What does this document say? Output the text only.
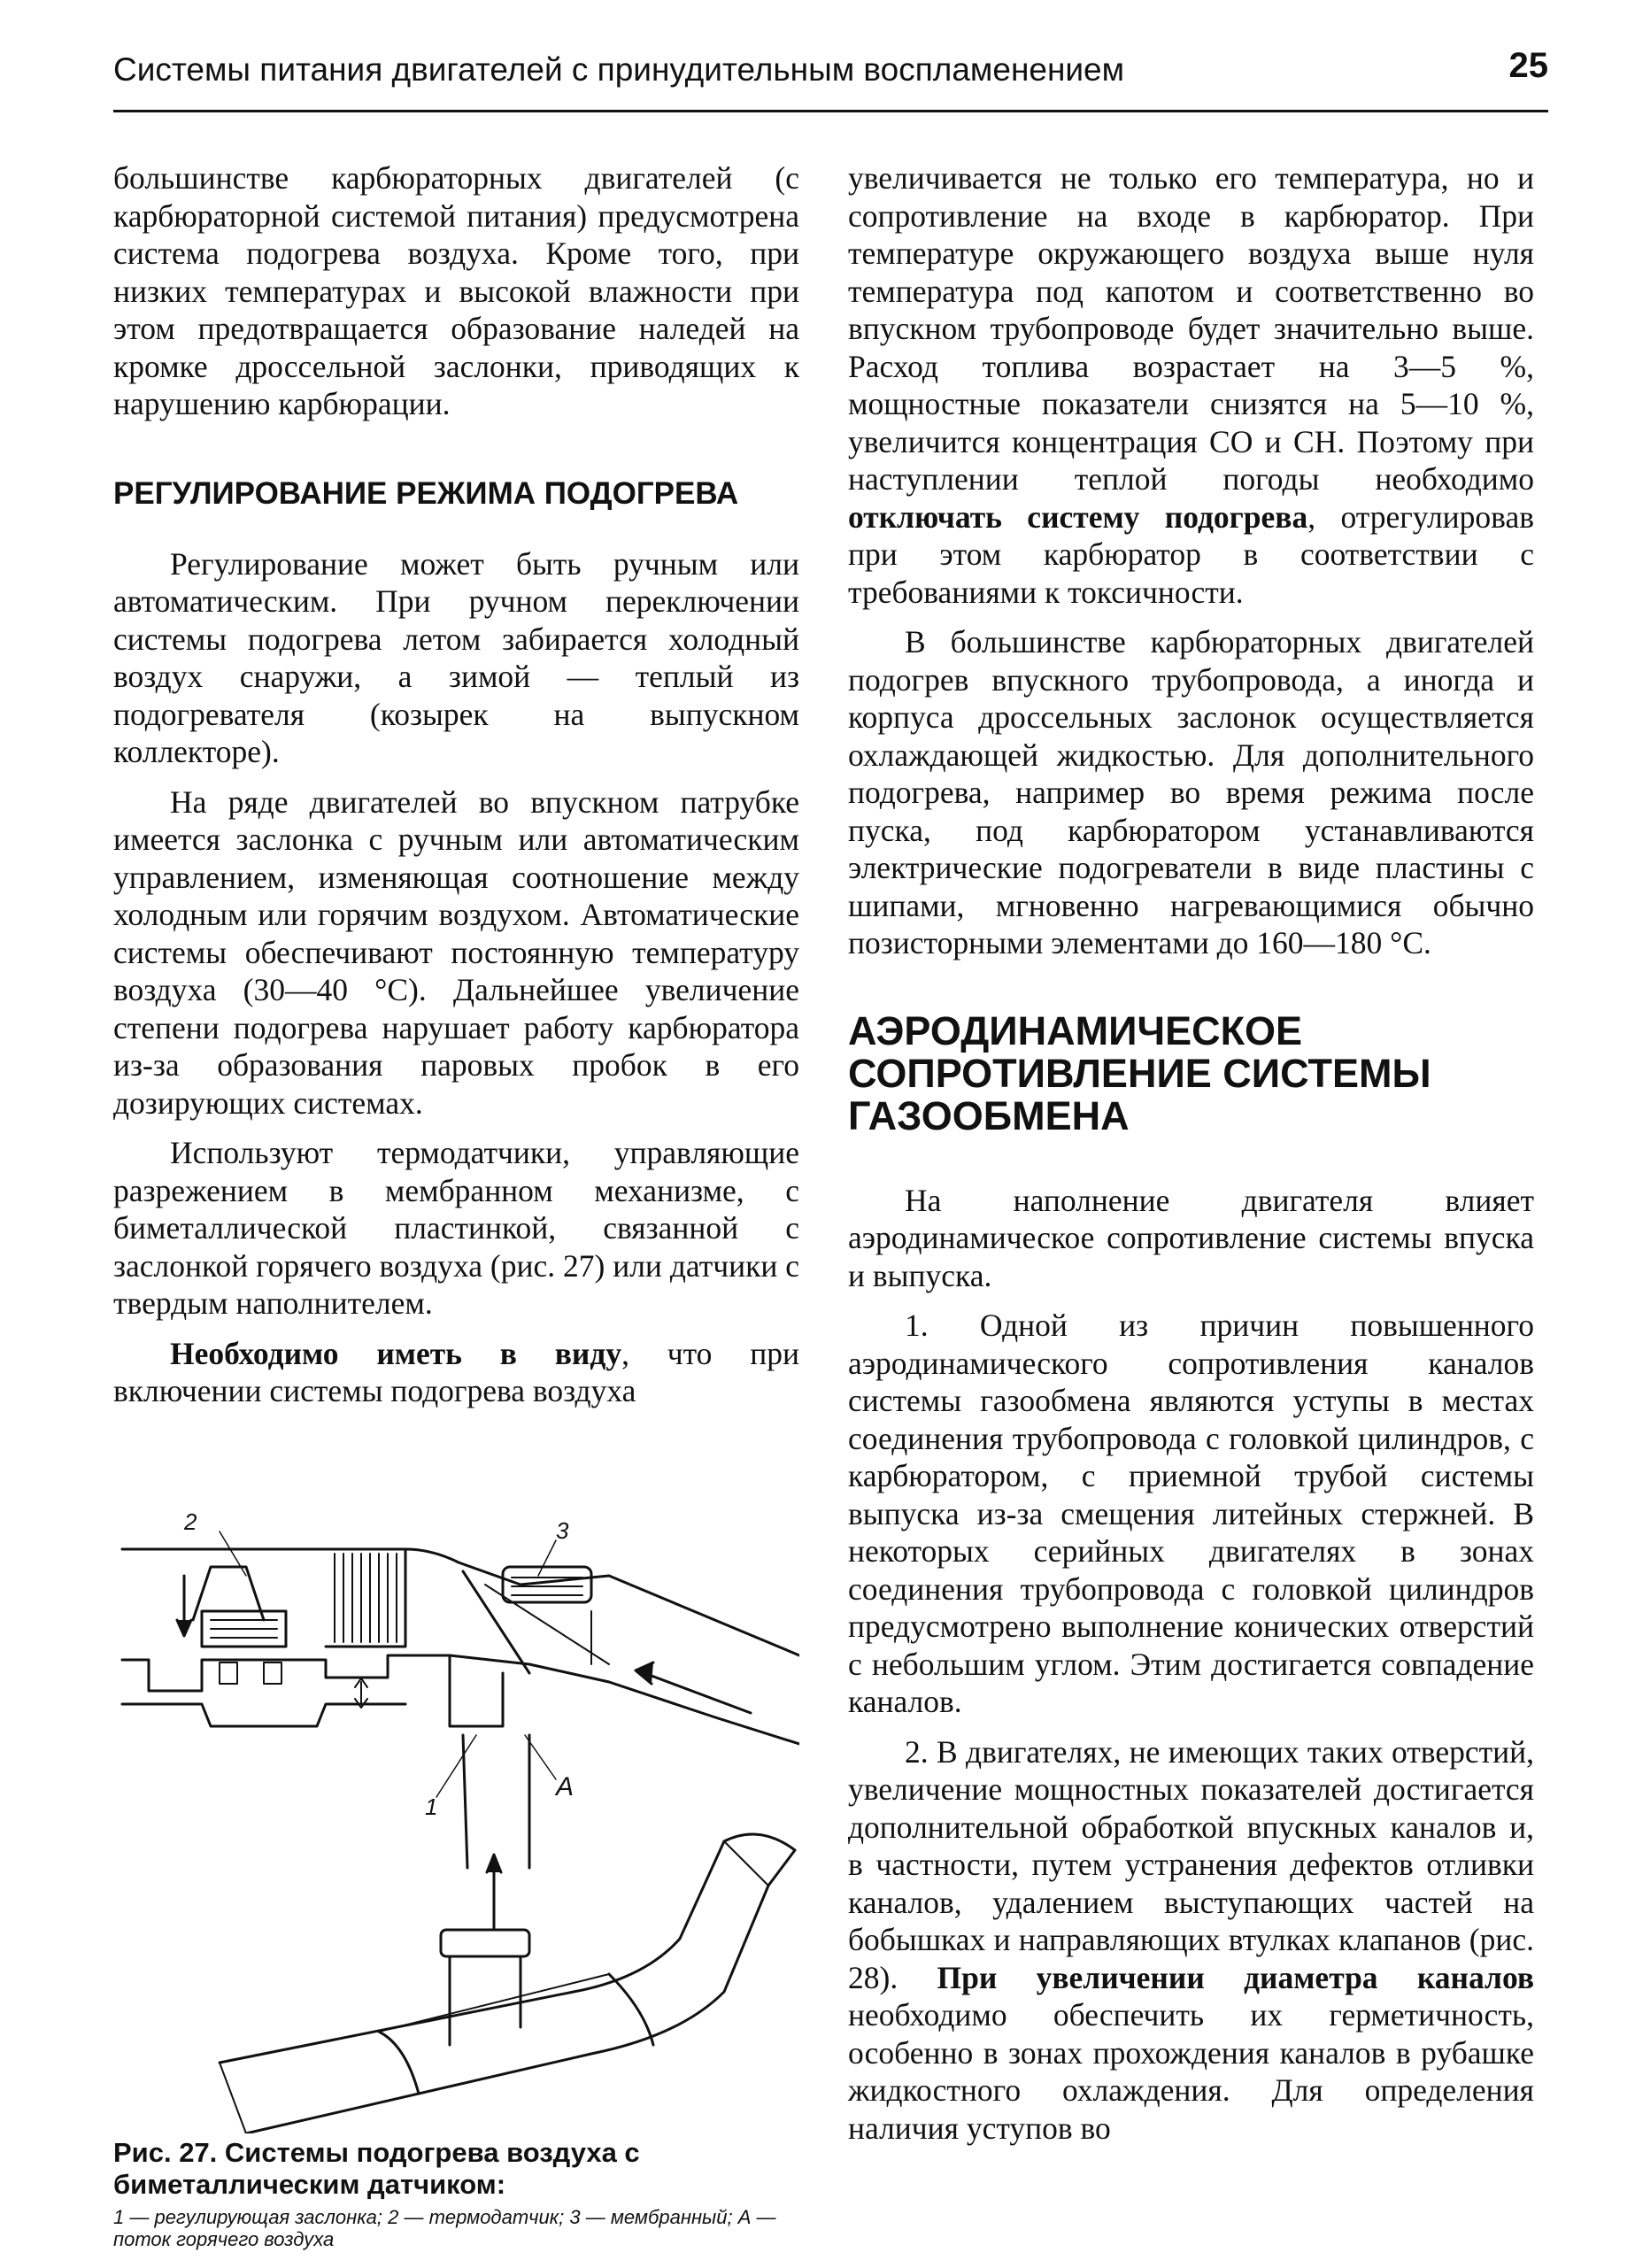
Системы питания двигателей с принудительным воспламенением	25

большинстве карбюраторных двигателей (с карбюраторной системой питания) предусмотрена система подогрева воздуха. Кроме того, при низких температурах и высокой влажности при этом предотвращается образование наледей на кромке дроссельной заслонки, приводящих к нарушению карбюрации.

РЕГУЛИРОВАНИЕ РЕЖИМА ПОДОГРЕВА

Регулирование может быть ручным или автоматическим. При ручном переключении системы подогрева летом забирается холодный воздух снаружи, а зимой — теплый из подогревателя (козырек на выпускном коллекторе).

На ряде двигателей во впускном патрубке имеется заслонка с ручным или автоматическим управлением, изменяющая соотношение между холодным или горячим воздухом. Автоматические системы обеспечивают постоянную температуру воздуха (30—40 °С). Дальнейшее увеличение степени подогрева нарушает работу карбюратора из-за образования паровых пробок в его дозирующих системах.

Используют термодатчики, управляющие разрежением в мембранном механизме, с биметаллической пластинкой, связанной с заслонкой горячего воздуха (рис. 27) или датчики с твердым наполнителем.

Необходимо иметь в виду, что при включении системы подогрева воздуха

2	3
1
А
Рис. 27. Системы подогрева воздуха с биметаллическим датчиком:
1 — регулирующая заслонка; 2 — термодатчик; 3 — мембранный; А — поток горячего воздуха

увеличивается не только его температура, но и сопротивление на входе в карбюратор. При температуре окружающего воздуха выше нуля температура под капотом и соответственно во впускном трубопроводе будет значительно выше. Расход топлива возрастает на 3—5 %, мощностные показатели снизятся на 5—10 %, увеличится концентрация СО и СН. Поэтому при наступлении теплой погоды необходимо отключать систему подогрева, отрегулировав при этом карбюратор в соответствии с требованиями к токсичности.

В большинстве карбюраторных двигателей подогрев впускного трубопровода, а иногда и корпуса дроссельных заслонок осуществляется охлаждающей жидкостью. Для дополнительного подогрева, например во время режима после пуска, под карбюратором устанавливаются электрические подогреватели в виде пластины с шипами, мгновенно нагревающимися обычно позисторными элементами до 160—180 °С.

АЭРОДИНАМИЧЕСКОЕ СОПРОТИВЛЕНИЕ СИСТЕМЫ ГАЗООБМЕНА

На наполнение двигателя влияет аэродинамическое сопротивление системы впуска и выпуска.

1. Одной из причин повышенного аэродинамического сопротивления каналов системы газообмена являются уступы в местах соединения трубопровода с головкой цилиндров, с карбюратором, с приемной трубой системы выпуска из-за смещения литейных стержней. В некоторых серийных двигателях в зонах соединения трубопровода с головкой цилиндров предусмотрено выполнение конических отверстий с небольшим углом. Этим достигается совпадение каналов.

2. В двигателях, не имеющих таких отверстий, увеличение мощностных показателей достигается дополнительной обработкой впускных каналов и, в частности, путем устранения дефектов отливки каналов, удалением выступающих частей на бобышках и направляющих втулках клапанов (рис. 28). При увеличении диаметра каналов необходимо обеспечить их герметичность, особенно в зонах прохождения каналов в рубашке жидкостного охлаждения. Для определения наличия уступов во
